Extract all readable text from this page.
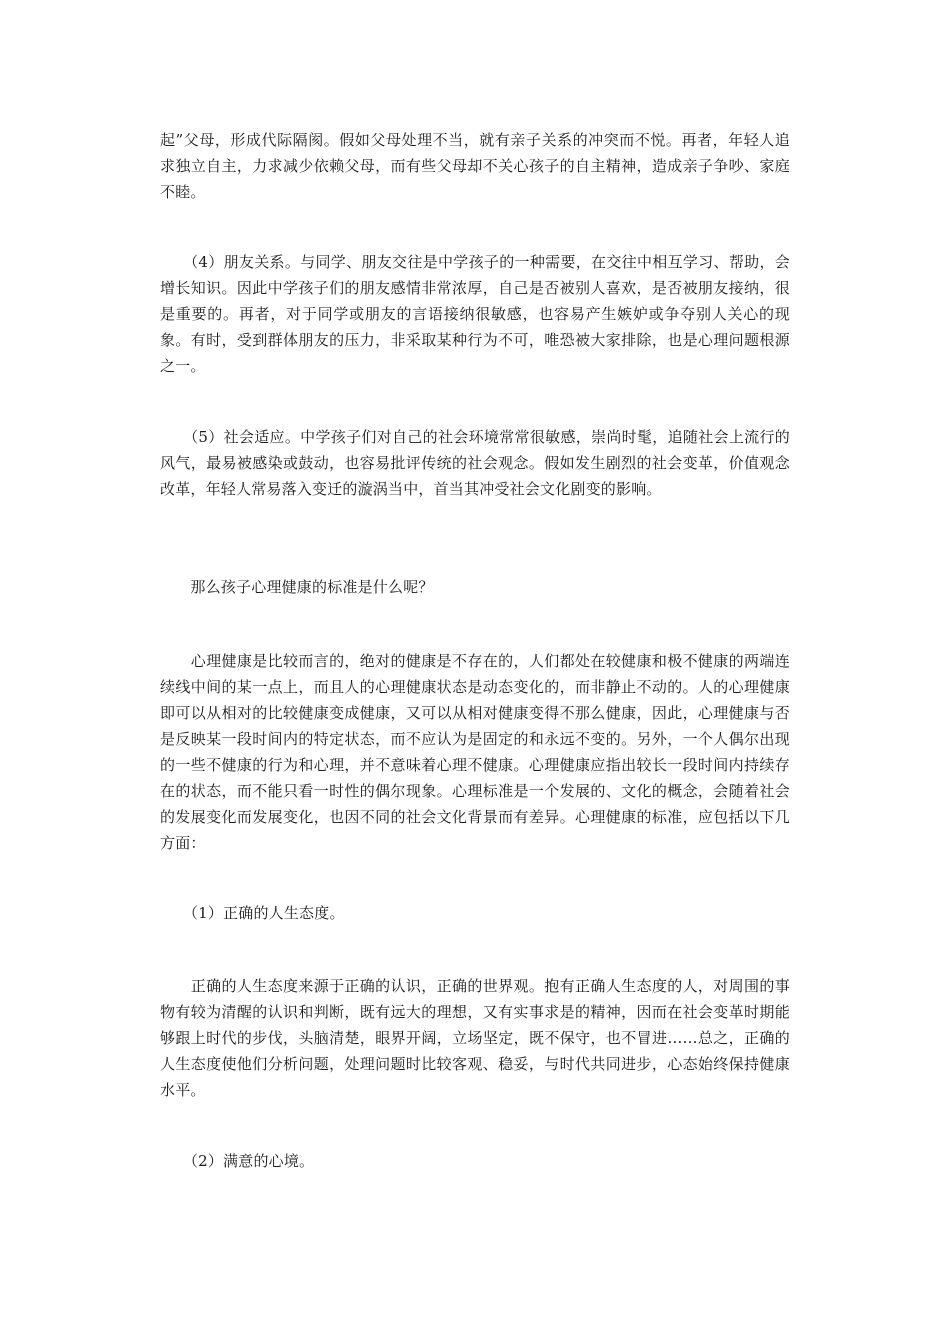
起”父母，形成代际隔阂。假如父母处理不当，就有亲子关系的冲突而不悦。再者，年轻人追求独立自主，力求减少依赖父母，而有些父母却不关心孩子的自主精神，造成亲子争吵、家庭不睦。

　　（4）朋友关系。与同学、朋友交往是中学孩子的一种需要，在交往中相互学习、帮助，会增长知识。因此中学孩子们的朋友感情非常浓厚，自己是否被别人喜欢，是否被朋友接纳，很是重要的。再者，对于同学或朋友的言语接纳很敏感，也容易产生嫉妒或争夺别人关心的现象。有时，受到群体朋友的压力，非采取某种行为不可，唯恐被大家排除，也是心理问题根源之一。

　　（5）社会适应。中学孩子们对自己的社会环境常常很敏感，崇尚时髦，追随社会上流行的风气，最易被感染或鼓动，也容易批评传统的社会观念。假如发生剧烈的社会变革，价值观念改革，年轻人常易落入变迁的漩涡当中，首当其冲受社会文化剧变的影响。

　　那么孩子心理健康的标准是什么呢？

　　心理健康是比较而言的，绝对的健康是不存在的，人们都处在较健康和极不健康的两端连续线中间的某一点上，而且人的心理健康状态是动态变化的，而非静止不动的。人的心理健康即可以从相对的比较健康变成健康，又可以从相对健康变得不那么健康，因此，心理健康与否是反映某一段时间内的特定状态，而不应认为是固定的和永远不变的。另外，一个人偶尔出现的一些不健康的行为和心理，并不意味着心理不健康。心理健康应指出较长一段时间内持续存在的状态，而不能只看一时性的偶尔现象。心理标准是一个发展的、文化的概念，会随着社会的发展变化而发展变化，也因不同的社会文化背景而有差异。心理健康的标准，应包括以下几方面：

　　（1）正确的人生态度。

　　正确的人生态度来源于正确的认识，正确的世界观。抱有正确人生态度的人，对周围的事物有较为清醒的认识和判断，既有远大的理想，又有实事求是的精神，因而在社会变革时期能够跟上时代的步伐，头脑清楚，眼界开阔，立场坚定，既不保守，也不冒进……总之，正确的人生态度使他们分析问题，处理问题时比较客观、稳妥，与时代共同进步，心态始终保持健康水平。

　　（2）满意的心境。
